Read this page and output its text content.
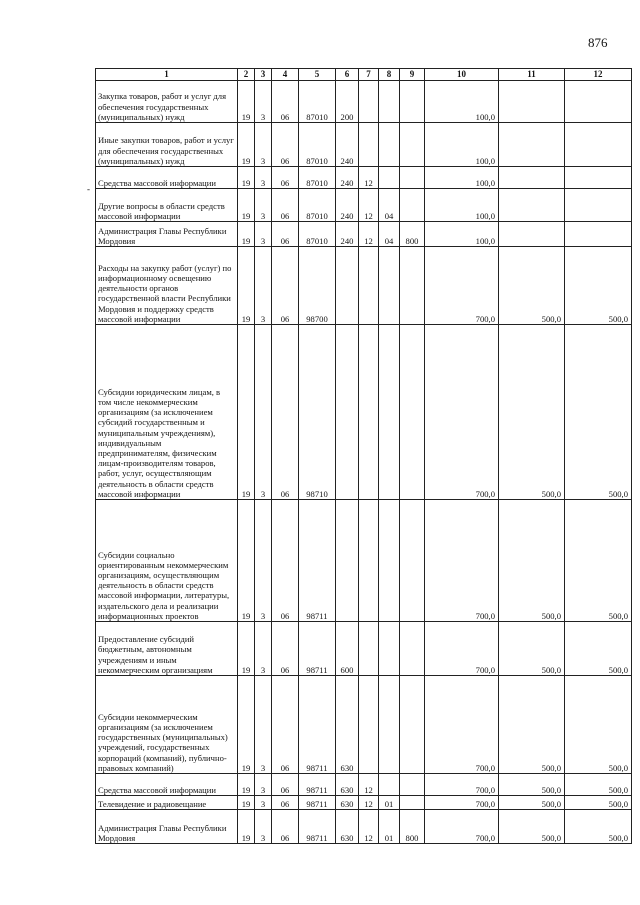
876
-
1	2	3	4	5	6	7	8	9	10	11	12
Закупка товаров, работ и услуг для обеспечения государственных (муниципальных) нужд	19	3	06	87010	200				100,0		
Иные закупки товаров, работ и услуг для обеспечения государственных (муниципальных) нужд	19	3	06	87010	240				100,0		
Средства массовой информации	19	3	06	87010	240	12			100,0		
Другие вопросы в области средств массовой информации	19	3	06	87010	240	12	04		100,0		
Администрация Главы Республики Мордовия	19	3	06	87010	240	12	04	800	100,0		
Расходы на закупку работ (услуг) по информационному освещению деятельности органов государственной власти Республики Мордовия и поддержку средств массовой информации	19	3	06	98700					700,0	500,0	500,0
Субсидии юридическим лицам, в том числе некоммерческим организациям (за исключением субсидий государственным и муниципальным учреждениям), индивидуальным предпринимателям, физическим лицам-производителям товаров, работ, услуг, осуществляющим деятельность в области средств массовой информации	19	3	06	98710					700,0	500,0	500,0
Субсидии социально ориентированным некоммерческим организациям, осуществляющим деятельность в области средств массовой информации, литературы, издательского дела и реализации информационных проектов	19	3	06	98711					700,0	500,0	500,0
Предоставление субсидий бюджетным, автономным учреждениям и иным некоммерческим организациям	19	3	06	98711	600				700,0	500,0	500,0
Субсидии некоммерческим организациям (за исключением государственных (муниципальных) учреждений, государственных корпораций (компаний), публично-правовых компаний)	19	3	06	98711	630				700,0	500,0	500,0
Средства массовой информации	19	3	06	98711	630	12			700,0	500,0	500,0
Телевидение и радиовещание	19	3	06	98711	630	12	01		700,0	500,0	500,0
Администрация Главы Республики Мордовия	19	3	06	98711	630	12	01	800	700,0	500,0	500,0
